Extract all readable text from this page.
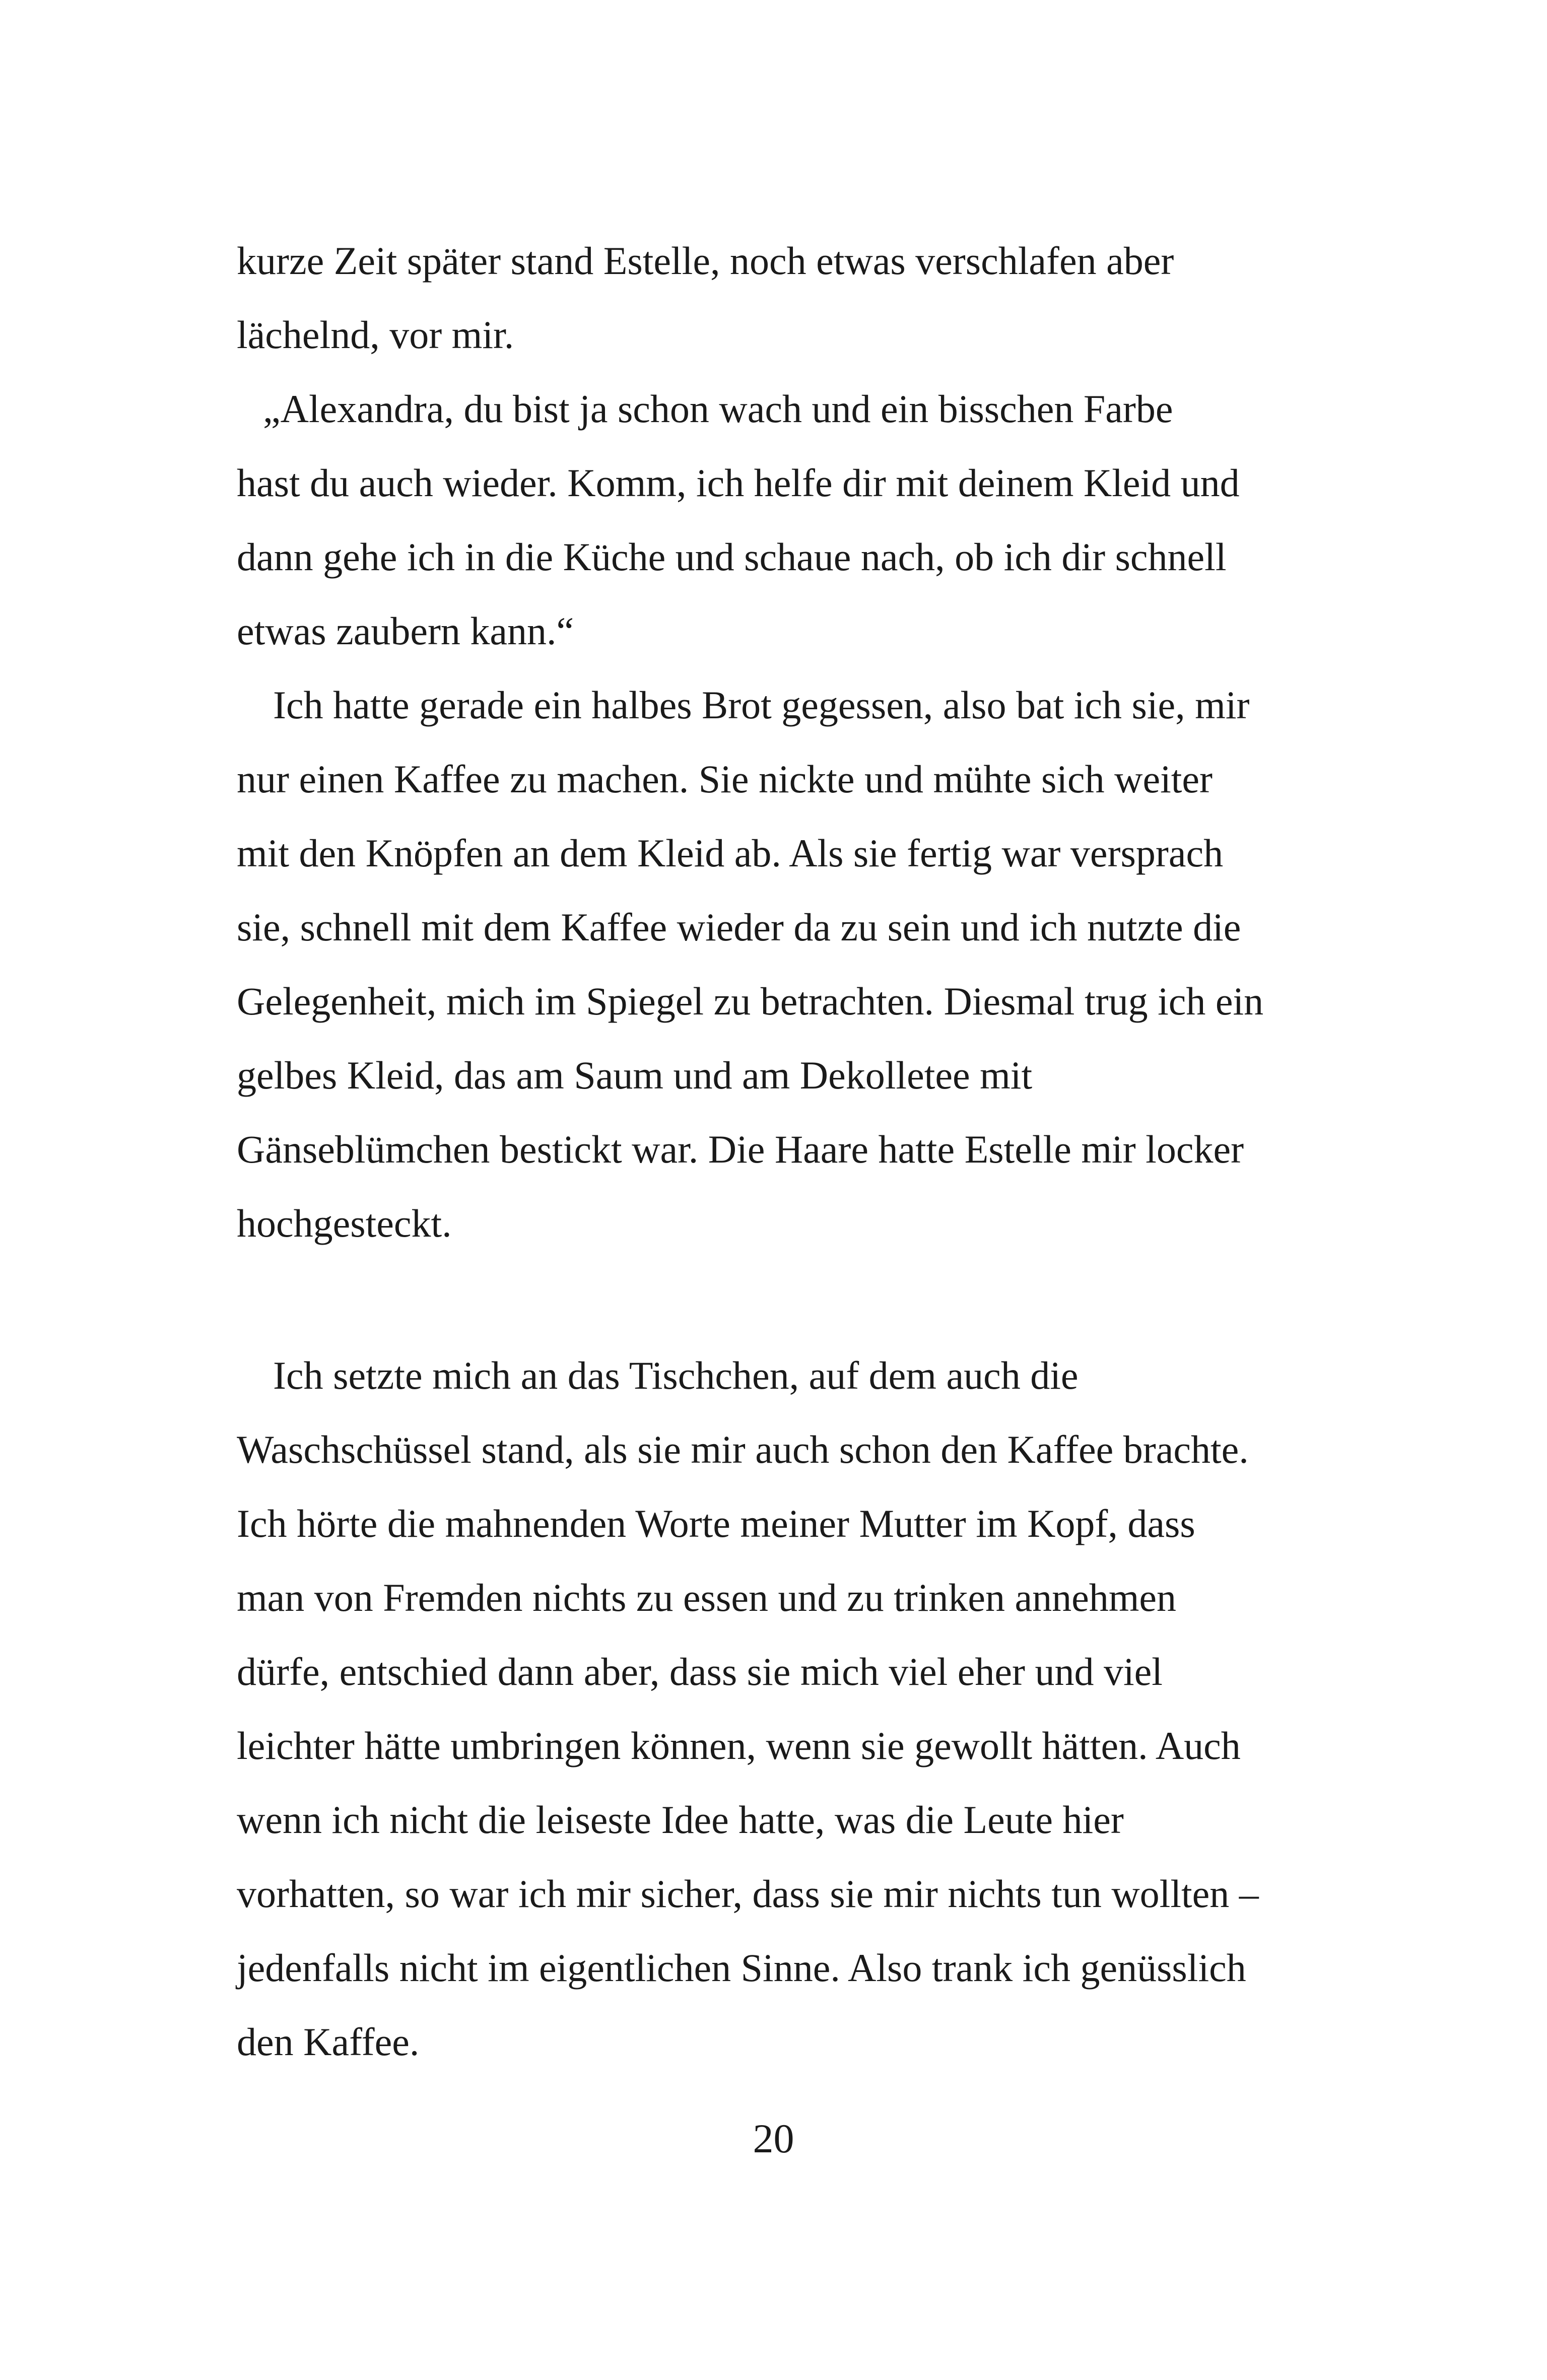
kurze Zeit später stand Estelle, noch etwas verschlafen aber
lächelnd, vor mir.
„Alexandra, du bist ja schon wach und ein bisschen Farbe
hast du auch wieder. Komm, ich helfe dir mit deinem Kleid und
dann gehe ich in die Küche und schaue nach, ob ich dir schnell
etwas zaubern kann.“
Ich hatte gerade ein halbes Brot gegessen, also bat ich sie, mir
nur einen Kaffee zu machen. Sie nickte und mühte sich weiter
mit den Knöpfen an dem Kleid ab. Als sie fertig war versprach
sie, schnell mit dem Kaffee wieder da zu sein und ich nutzte die
Gelegenheit, mich im Spiegel zu betrachten. Diesmal trug ich ein
gelbes Kleid, das am Saum und am Dekolletee mit
Gänseblümchen bestickt war. Die Haare hatte Estelle mir locker
hochgesteckt.
Ich setzte mich an das Tischchen, auf dem auch die
Waschschüssel stand, als sie mir auch schon den Kaffee brachte.
Ich hörte die mahnenden Worte meiner Mutter im Kopf, dass
man von Fremden nichts zu essen und zu trinken annehmen
dürfe, entschied dann aber, dass sie mich viel eher und viel
leichter hätte umbringen können, wenn sie gewollt hätten. Auch
wenn ich nicht die leiseste Idee hatte, was die Leute hier
vorhatten, so war ich mir sicher, dass sie mir nichts tun wollten –
jedenfalls nicht im eigentlichen Sinne. Also trank ich genüsslich
den Kaffee.
20
